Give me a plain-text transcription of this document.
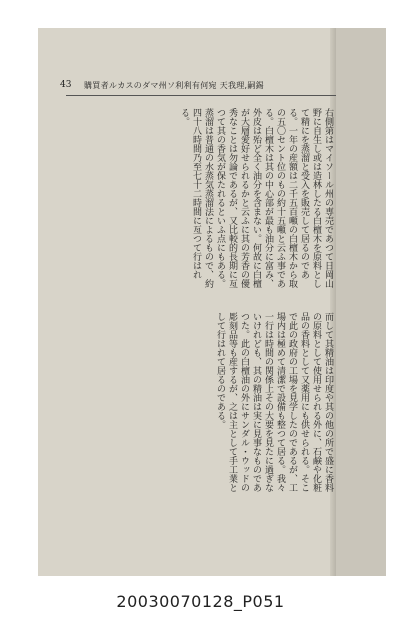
43 購買者ルカスのダマ州ソ利利有何宛 天我理,嗣錫
右側第はマイソール州の専売であつて日岡山野に自生し或は造林したる白檀木を原料として精にを蒸溜と受入を販売して居るのである。一年の産額は二千五百噸の白檀木から取の五〇セント位のもの約十五噸と云ふ事である。白檀木は其の中心部が最も油分に富み、外皮は殆ど全く油分を含まない。何故に白檀が大層愛好せられるかと云ふに其の芳香の優秀なことは勿論であるが、又比較的長期に亙つて其の香気が保たれるといふ点にもある。蒸溜は普通の水蒸気蒸溜法によるもので、約四十八時間乃至七十二時間に亙つて行はれる。
而して其精油は印度や其の他の所で盛に香料の原料として使用せられる外に、石鹸や化粧品の香料として又薬用にも供せられる。そこで此の政府の工場を見学したのであるが、工場内は極めて清潔で設備も整つて居る。我々一行は時間の関係上その大要を見たに過ぎないけれども、其の精油は実に見事なものであつた。此の白檀油の外にサンダル・ウッドの彫刻品等も産するが、之は主として手工業として行はれて居るのである。
20030070128_P051
